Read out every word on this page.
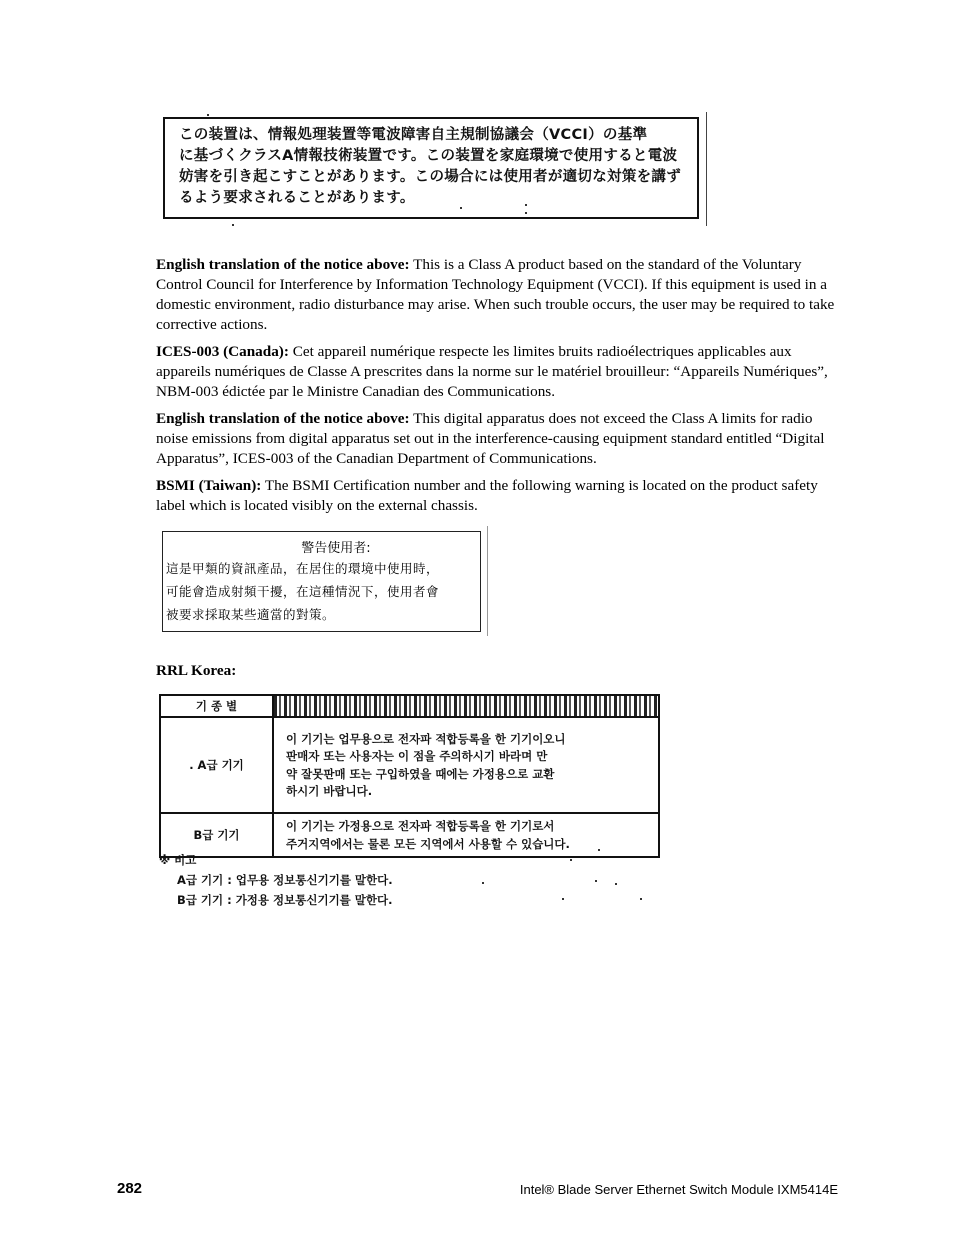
この装置は、情報処理装置等電波障害自主規制協議会（VCCI）の基準
に基づくクラスA情報技術装置です。この装置を家庭環境で使用すると電波
妨害を引き起こすことがあります。この場合には使用者が適切な対策を講ず
るよう要求されることがあります。
English translation of the notice above: This is a Class A product based on the standard of the Voluntary Control Council for Interference by Information Technology Equipment (VCCI). If this equipment is used in a domestic environment, radio disturbance may arise. When such trouble occurs, the user may be required to take corrective actions.
ICES-003 (Canada): Cet appareil numérique respecte les limites bruits radioélectriques applicables aux appareils numériques de Classe A prescrites dans la norme sur le matériel brouilleur: “Appareils Numériques”, NBM-003 édictée par le Ministre Canadian des Communications.
English translation of the notice above: This digital apparatus does not exceed the Class A limits for radio noise emissions from digital apparatus set out in the interference-causing equipment standard entitled “Digital Apparatus”, ICES-003 of the Canadian Department of Communications.
BSMI (Taiwan): The BSMI Certification number and the following warning is located on the product safety label which is located visibly on the external chassis.
警告使用者:
這是甲類的資訊產品，在居住的環境中使用時，
可能會造成射頻干擾，在這種情況下，使用者會
被要求採取某些適當的對策。
RRL Korea:
기 종 별	
. A급 기기	이 기기는 업무용으로 전자파 적합등록을 한 기기이오니
판매자 또는 사용자는 이 점을 주의하시기 바라며 만
약 잘못판매 또는 구입하였을 때에는 가정용으로 교환
하시기 바랍니다.

B급 기기	이 기기는 가정용으로 전자파 적합등록을 한 기기로서
주거지역에서는 물론 모든 지역에서 사용할 수 있습니다.
※ 비고
A급 기기 : 업무용 정보통신기기를 말한다.
B급 기기 : 가정용 정보통신기기를 말한다.
282	Intel® Blade Server Ethernet Switch Module IXM5414E
